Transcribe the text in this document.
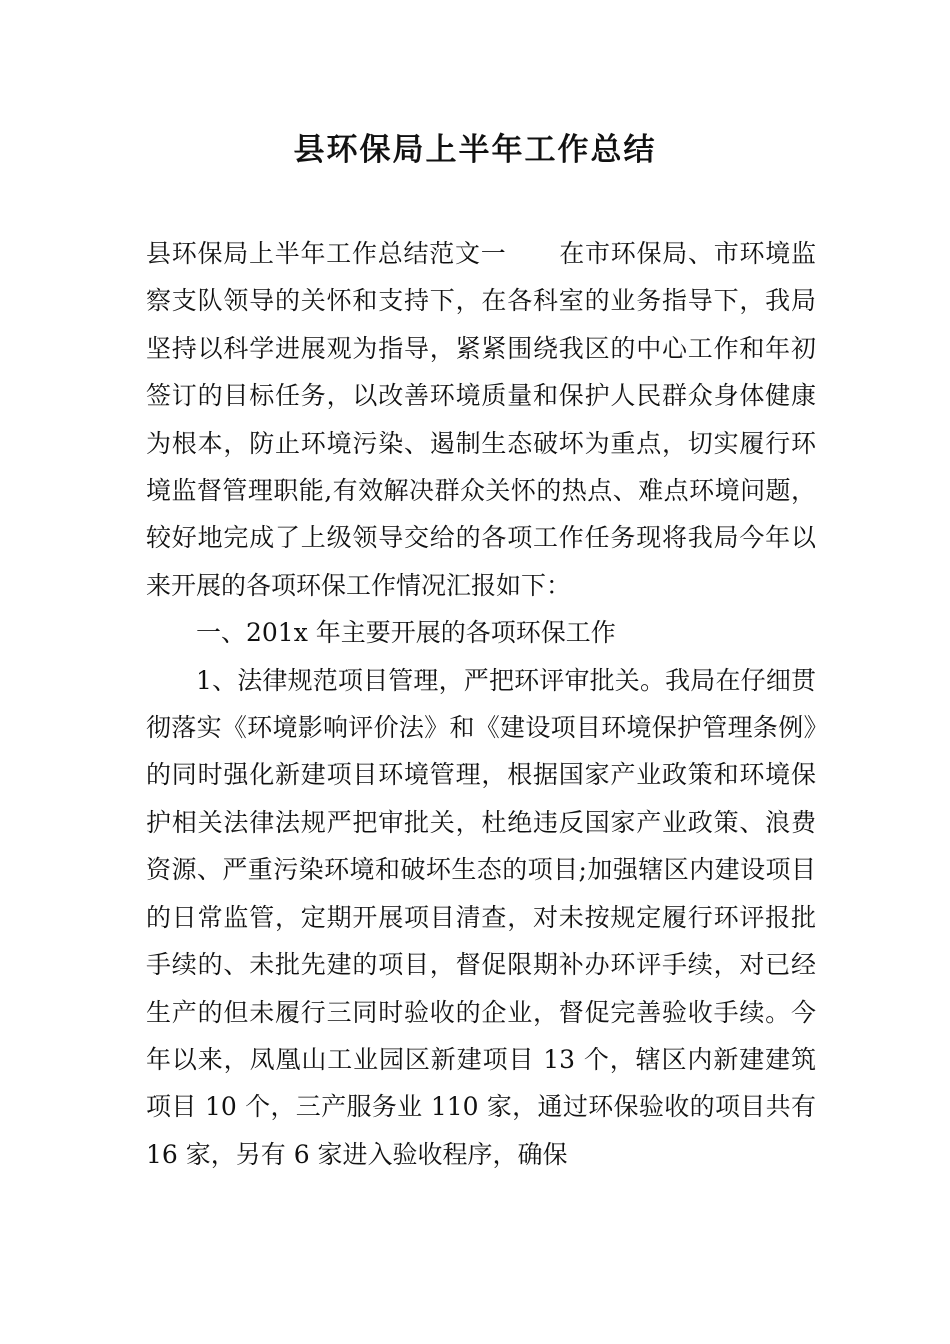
县环保局上半年工作总结

县环保局上半年工作总结范文一 在市环保局、市环境监察支队领导的关怀和支持下，在各科室的业务指导下，我局坚持以科学进展观为指导，紧紧围绕我区的中心工作和年初签订的目标任务，以改善环境质量和保护人民群众身体健康为根本，防止环境污染、遏制生态破坏为重点，切实履行环境监督管理职能,有效解决群众关怀的热点、难点环境问题，较好地完成了上级领导交给的各项工作任务现将我局今年以来开展的各项环保工作情况汇报如下：

一、201x 年主要开展的各项环保工作

1、法律规范项目管理，严把环评审批关。我局在仔细贯彻落实《环境影响评价法》和《建设项目环境保护管理条例》的同时强化新建项目环境管理，根据国家产业政策和环境保护相关法律法规严把审批关，杜绝违反国家产业政策、浪费资源、严重污染环境和破坏生态的项目;加强辖区内建设项目的日常监管，定期开展项目清查，对未按规定履行环评报批手续的、未批先建的项目，督促限期补办环评手续，对已经生产的但未履行三同时验收的企业，督促完善验收手续。今年以来，凤凰山工业园区新建项目 13 个，辖区内新建建筑项目 10 个，三产服务业 110 家，通过环保验收的项目共有 16 家，另有 6 家进入验收程序，确保
